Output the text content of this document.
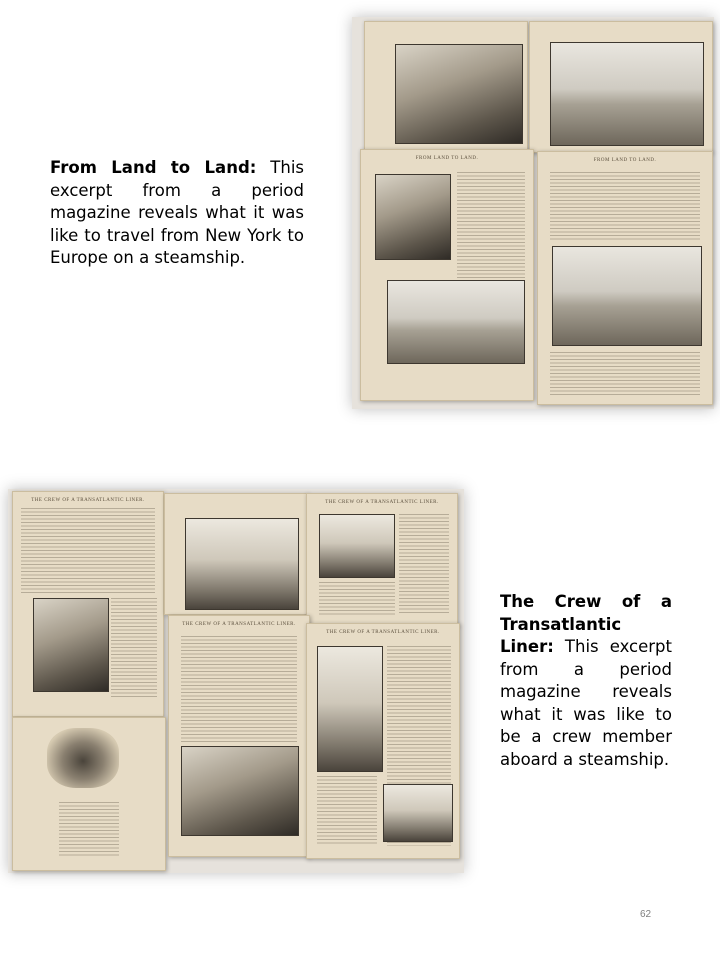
From Land to Land: This excerpt from a period magazine reveals what it was like to travel from New York to Europe on a steamship.
FROM LAND TO LAND.	FROM LAND TO LAND.
THE CREW OF A TRANSATLANTIC LINER.	THE CREW OF A TRANSATLANTIC LINER.
THE CREW OF A TRANSATLANTIC LINER.
THE CREW OF A TRANSATLANTIC LINER.
The Crew of a Transatlantic Liner: This excerpt from a period magazine reveals what it was like to be a crew member aboard a steamship.
62
